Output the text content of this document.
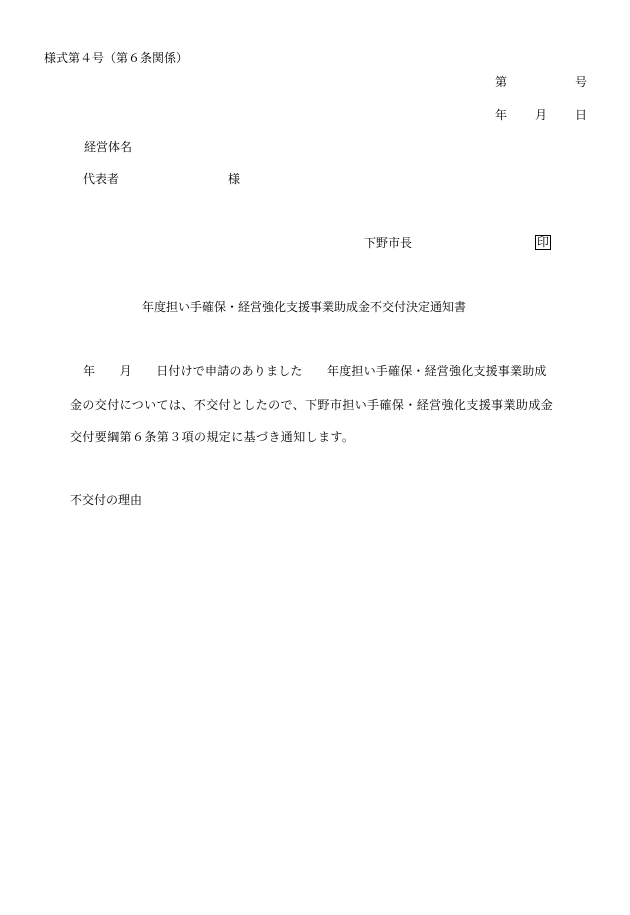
様式第４号（第６条関係）
第	号
年 月 日
経営体名
代表者	様
下野市長	印
年度担い手確保・経営強化支援事業助成金不交付決定通知書
年　　月　　日付けで申請のありました　　年度担い手確保・経営強化支援事業助成
金の交付については、不交付としたので、下野市担い手確保・経営強化支援事業助成金
交付要綱第６条第３項の規定に基づき通知します。
不交付の理由
